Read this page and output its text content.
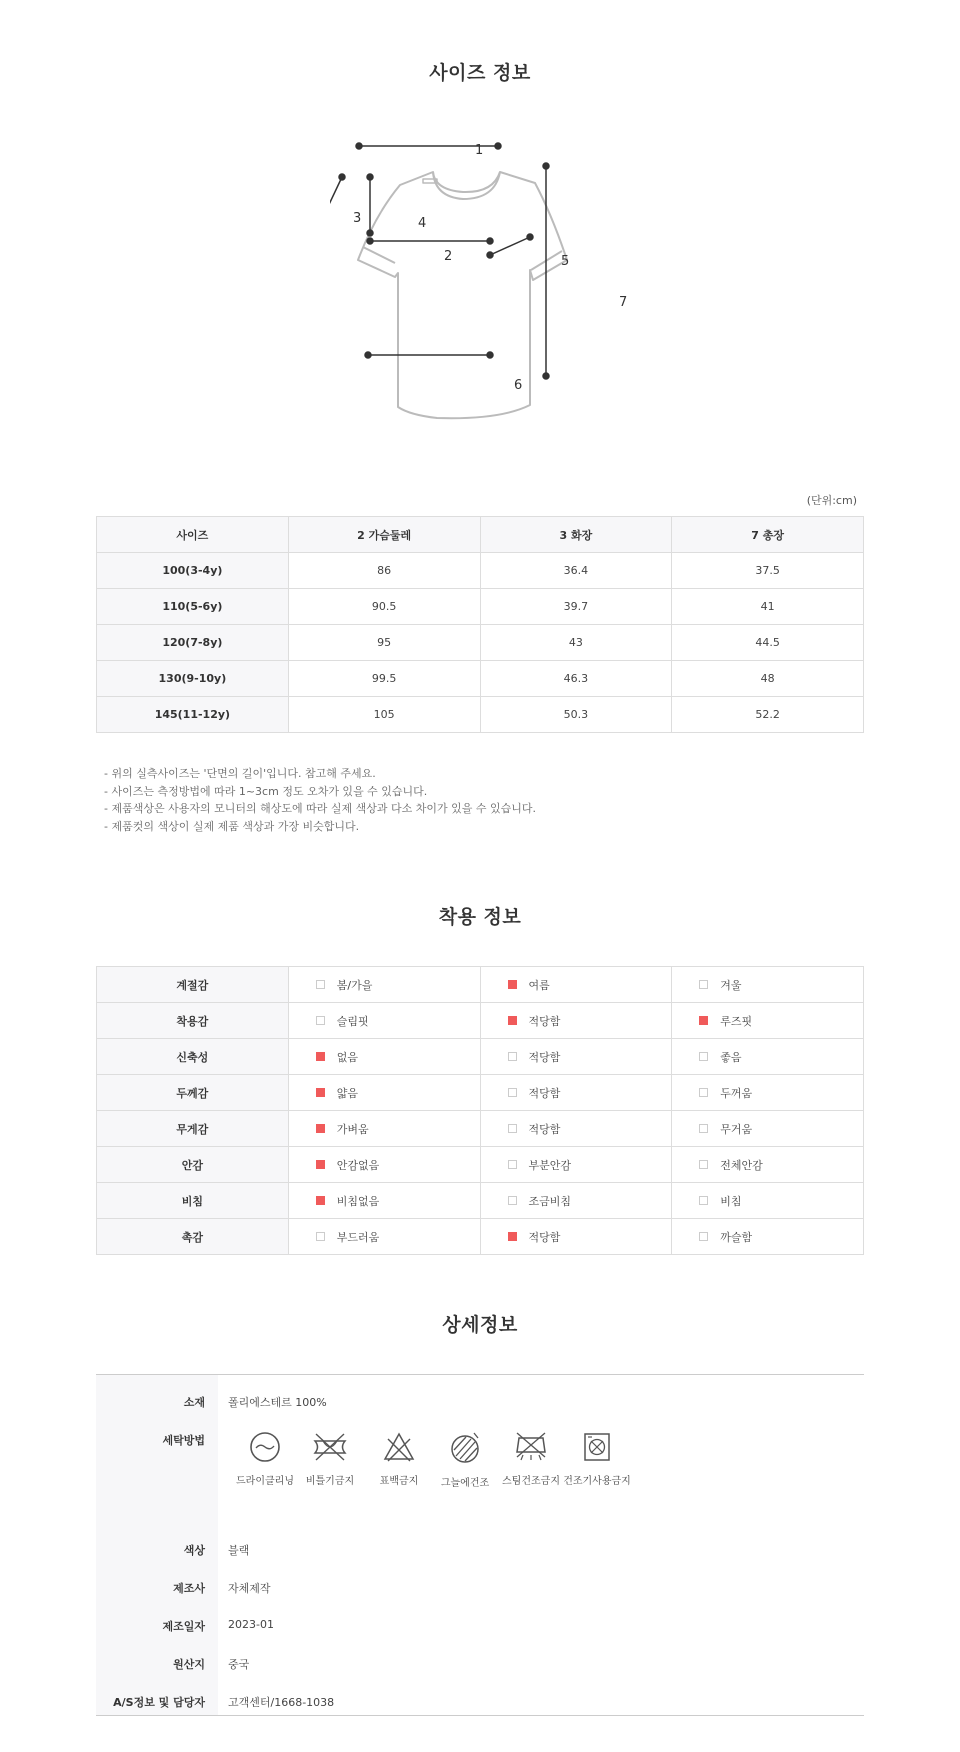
사이즈 정보
1
2
3	4
5
6
7
(단위:cm)
사이즈	2 가슴둘레	3 화장	7 총장
100(3-4y)	86	36.4	37.5
110(5-6y)	90.5	39.7	41
120(7-8y)	95	43	44.5
130(9-10y)	99.5	46.3	48
145(11-12y)	105	50.3	52.2
- 위의 실측사이즈는 '단면의 길이'입니다. 참고해 주세요.
- 사이즈는 측정방법에 따라 1~3cm 정도 오차가 있을 수 있습니다.
- 제품색상은 사용자의 모니터의 해상도에 따라 실제 색상과 다소 차이가 있을 수 있습니다.
- 제품컷의 색상이 실제 제품 색상과 가장 비슷합니다.
착용 정보
계절감	봄/가을	여름	겨울

착용감	슬림핏	적당함	루즈핏

신축성	없음	적당함	좋음

두께감	얇음	적당함	두꺼움

무게감	가벼움	적당함	무거움

안감	안감없음	부분안감	전체안감

비침	비침없음	조금비침	비침

촉감	부드러움	적당함	까슬함
상세정보
소재 폴리에스테르 100%
세탁방법
드라이클리닝	비틀기금지	표백금지	그늘에건조	스팀건조금지 건조기사용금지
색상 블랙
제조사 자체제작
제조일자 2023-01
원산지 중국
A/S정보 및 담당자 고객센터/1668-1038
